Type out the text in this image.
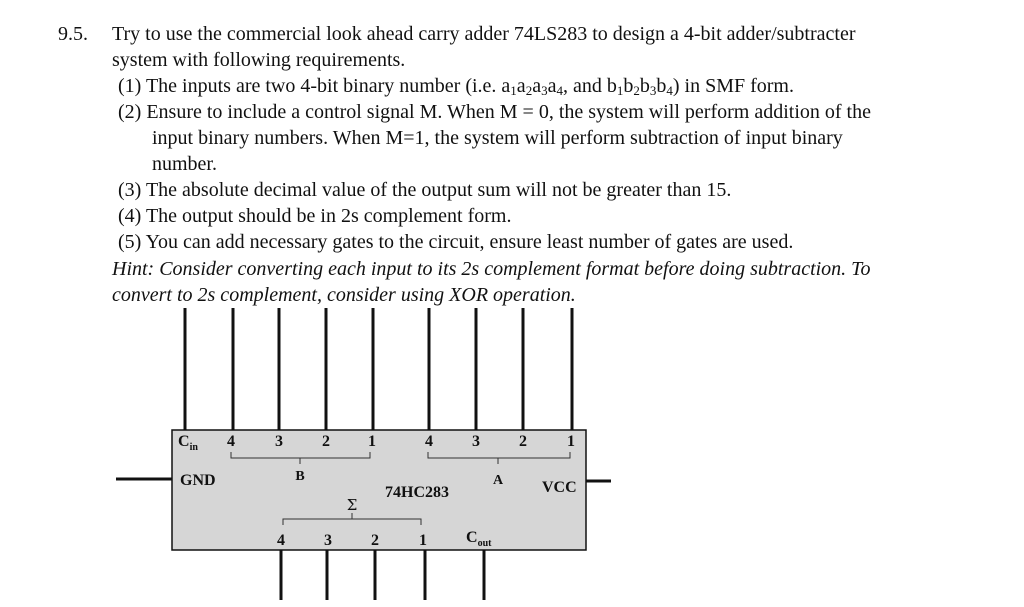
9.5. Try to use the commercial look ahead carry adder 74LS283 to design a 4-bit adder/subtracter
system with following requirements.
(1) The inputs are two 4-bit binary number (i.e. $a_1a_2a_3a_4$, and $b_1b_2b_3b_4$) in SMF form.
(2) Ensure to include a control signal M. When M = 0, the system will perform addition of the
input binary numbers. When M=1, the system will perform subtraction of input binary
number.
(3) The absolute decimal value of the output sum will not be greater than 15.
(4) The output should be in 2s complement form.
(5) You can add necessary gates to the circuit, ensure least number of gates are used.
Hint: Consider converting each input to its 2s complement format before doing subtraction. To
convert to 2s complement, consider using XOR operation.
$C_{in}$ 4	3 2 1	4 3 2	1
GND	B	A VCC
74HC283
Σ
4 3 2	1 $C_{out}$
